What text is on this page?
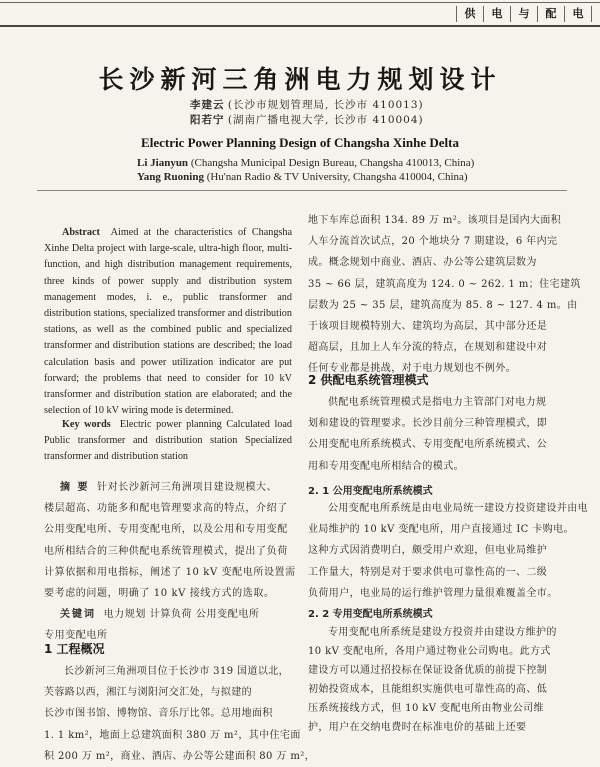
供	电	与	配	电
长沙新河三角洲电力规划设计
李建云 (长沙市规划管理局, 长沙市 410013)
阳若宁 (湖南广播电视大学, 长沙市 410004)
Electric Power Planning Design of Changsha Xinhe Delta
Li Jianyun (Changsha Municipal Design Bureau, Changsha 410013, China)
Yang Ruoning (Hu'nan Radio & TV University, Changsha 410004, China)
Abstract Aimed at the characteristics of Changsha Xinhe Delta project with large-scale, ultra-high floor, multi-function, and high distribution management requirements, three kinds of power supply and distribution system management modes, i. e., public transformer and distribution stations, specialized transformer and distribution stations, as well as the combined public and specialized transformer and distribution stations are described; the load calculation basis and power utilization indicator are put forward; the problems that need to consider for 10 kV transformer and distribution station are elaborated; and the selection of 10 kV wiring mode is determined.
Key words Electric power planning Calculated load Public transformer and distribution station Specialized transformer and distribution station
摘 要 针对长沙新河三角洲项目建设规模大、
楼层超高、功能多和配电管理要求高的特点，介绍了
公用变配电所、专用变配电所，以及公用和专用变配
电所相结合的三种供配电系统管理模式，提出了负荷
计算依据和用电指标，阐述了 10 kV 变配电所设置需
要考虑的问题，明确了 10 kV 接线方式的选取。
关键词 电力规划 计算负荷 公用变配电所
专用变配电所
1 工程概况
长沙新河三角洲项目位于长沙市 319 国道以北，
芙蓉路以西，湘江与浏阳河交汇处，与拟建的
长沙市图书馆、博物馆、音乐厅比邻。总用地面积
1. 1 km²，地面上总建筑面积 380 万 m²，其中住宅面
积 200 万 m²，商业、酒店、办公等公建面积 80 万 m²，
地下车库总面积 134. 89 万 m²。该项目是国内大面积
人车分流首次试点，20 个地块分 7 期建设，6 年内完
成。概念规划中商业、酒店、办公等公建筑层数为
35 ~ 66 层，建筑高度为 124. 0 ~ 262. 1 m；住宅建筑
层数为 25 ~ 35 层，建筑高度为 85. 8 ~ 127. 4 m。由
于该项目规模特别大、建筑均为高层，其中部分还是
超高层，且加上人车分流的特点，在规划和建设中对
任何专业都是挑战，对于电力规划也不例外。
2 供配电系统管理模式
供配电系统管理模式是指电力主管部门对电力规
划和建设的管理要求。长沙目前分三种管理模式，即
公用变配电所系统模式、专用变配电所系统模式、公
用和专用变配电所相结合的模式。
2. 1 公用变配电所系统模式
公用变配电所系统是由电业局统一建设方投资建设并由电
业局维护的 10 kV 变配电所，用户直接通过 IC 卡购电。
这种方式因消费明白，颇受用户欢迎，但电业局维护
工作量大，特别是对于要求供电可靠性高的一、二级
负荷用户，电业局的运行维护管理力量很难覆盖全市。
2. 2 专用变配电所系统模式
专用变配电所系统是建设方投资并由建设方维护的
10 kV 变配电所，各用户通过物业公司购电。此方式
建设方可以通过招投标在保证设备优质的前提下控制
初始投资成本，且能组织实施供电可靠性高的高、低
压系统接线方式，但 10 kV 变配电所由物业公司维
护，用户在交纳电费时在标准电价的基础上还要
